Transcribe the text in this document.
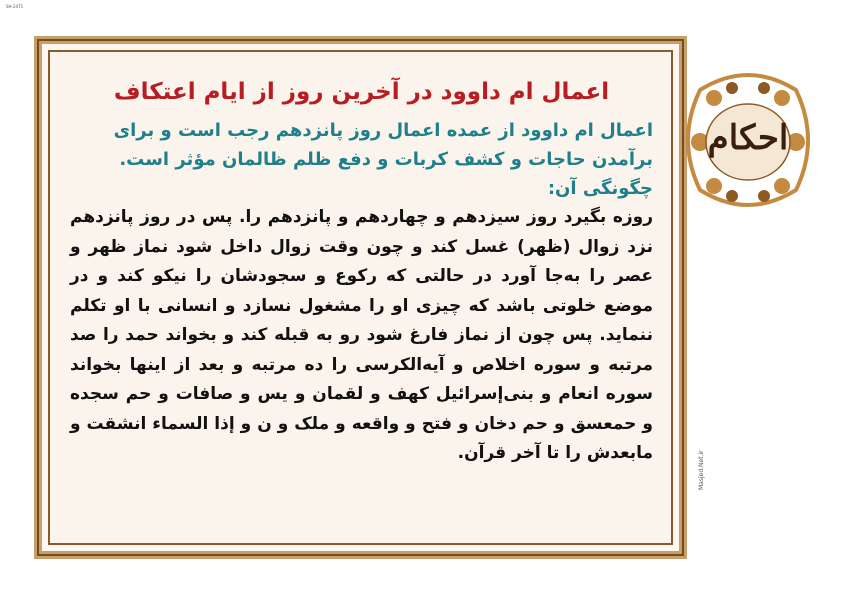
SH-2471
اعمال ام داوود در آخرین روز از ایام اعتکاف

اعمال ام داوود از عمده اعمال روز پانزدهم رجب است و برای برآمدن حاجات و کشف کربات و دفع ظلم ظالمان مؤثر است. چگونگی آن:

روزه بگیرد روز سیزدهم و چهاردهم و پانزدهم را. پس در روز پانزدهم نزد زوال (ظهر) غسل کند و چون وقت زوال داخل شود نماز ظهر و عصر را به‌جا آورد در حالتی که رکوع و سجودشان را نیکو کند و در موضع خلوتی باشد که چیزی او را مشغول نسازد و انسانی با او تکلم ننماید. پس چون از نماز فارغ شود رو به قبله کند و بخواند حمد را صد مرتبه و سوره اخلاص و آیه‌الکرسی را ده مرتبه و بعد از اینها بخواند سوره انعام و بنی‌إسرائیل کهف و لقمان و یس و صافات و حم سجده و حمعسق و حم دخان و فتح و واقعه و ملک و ن و إذا السماء انشقت و مابعدش را تا آخر قرآن.

احکام
Masjed.Net.ir
